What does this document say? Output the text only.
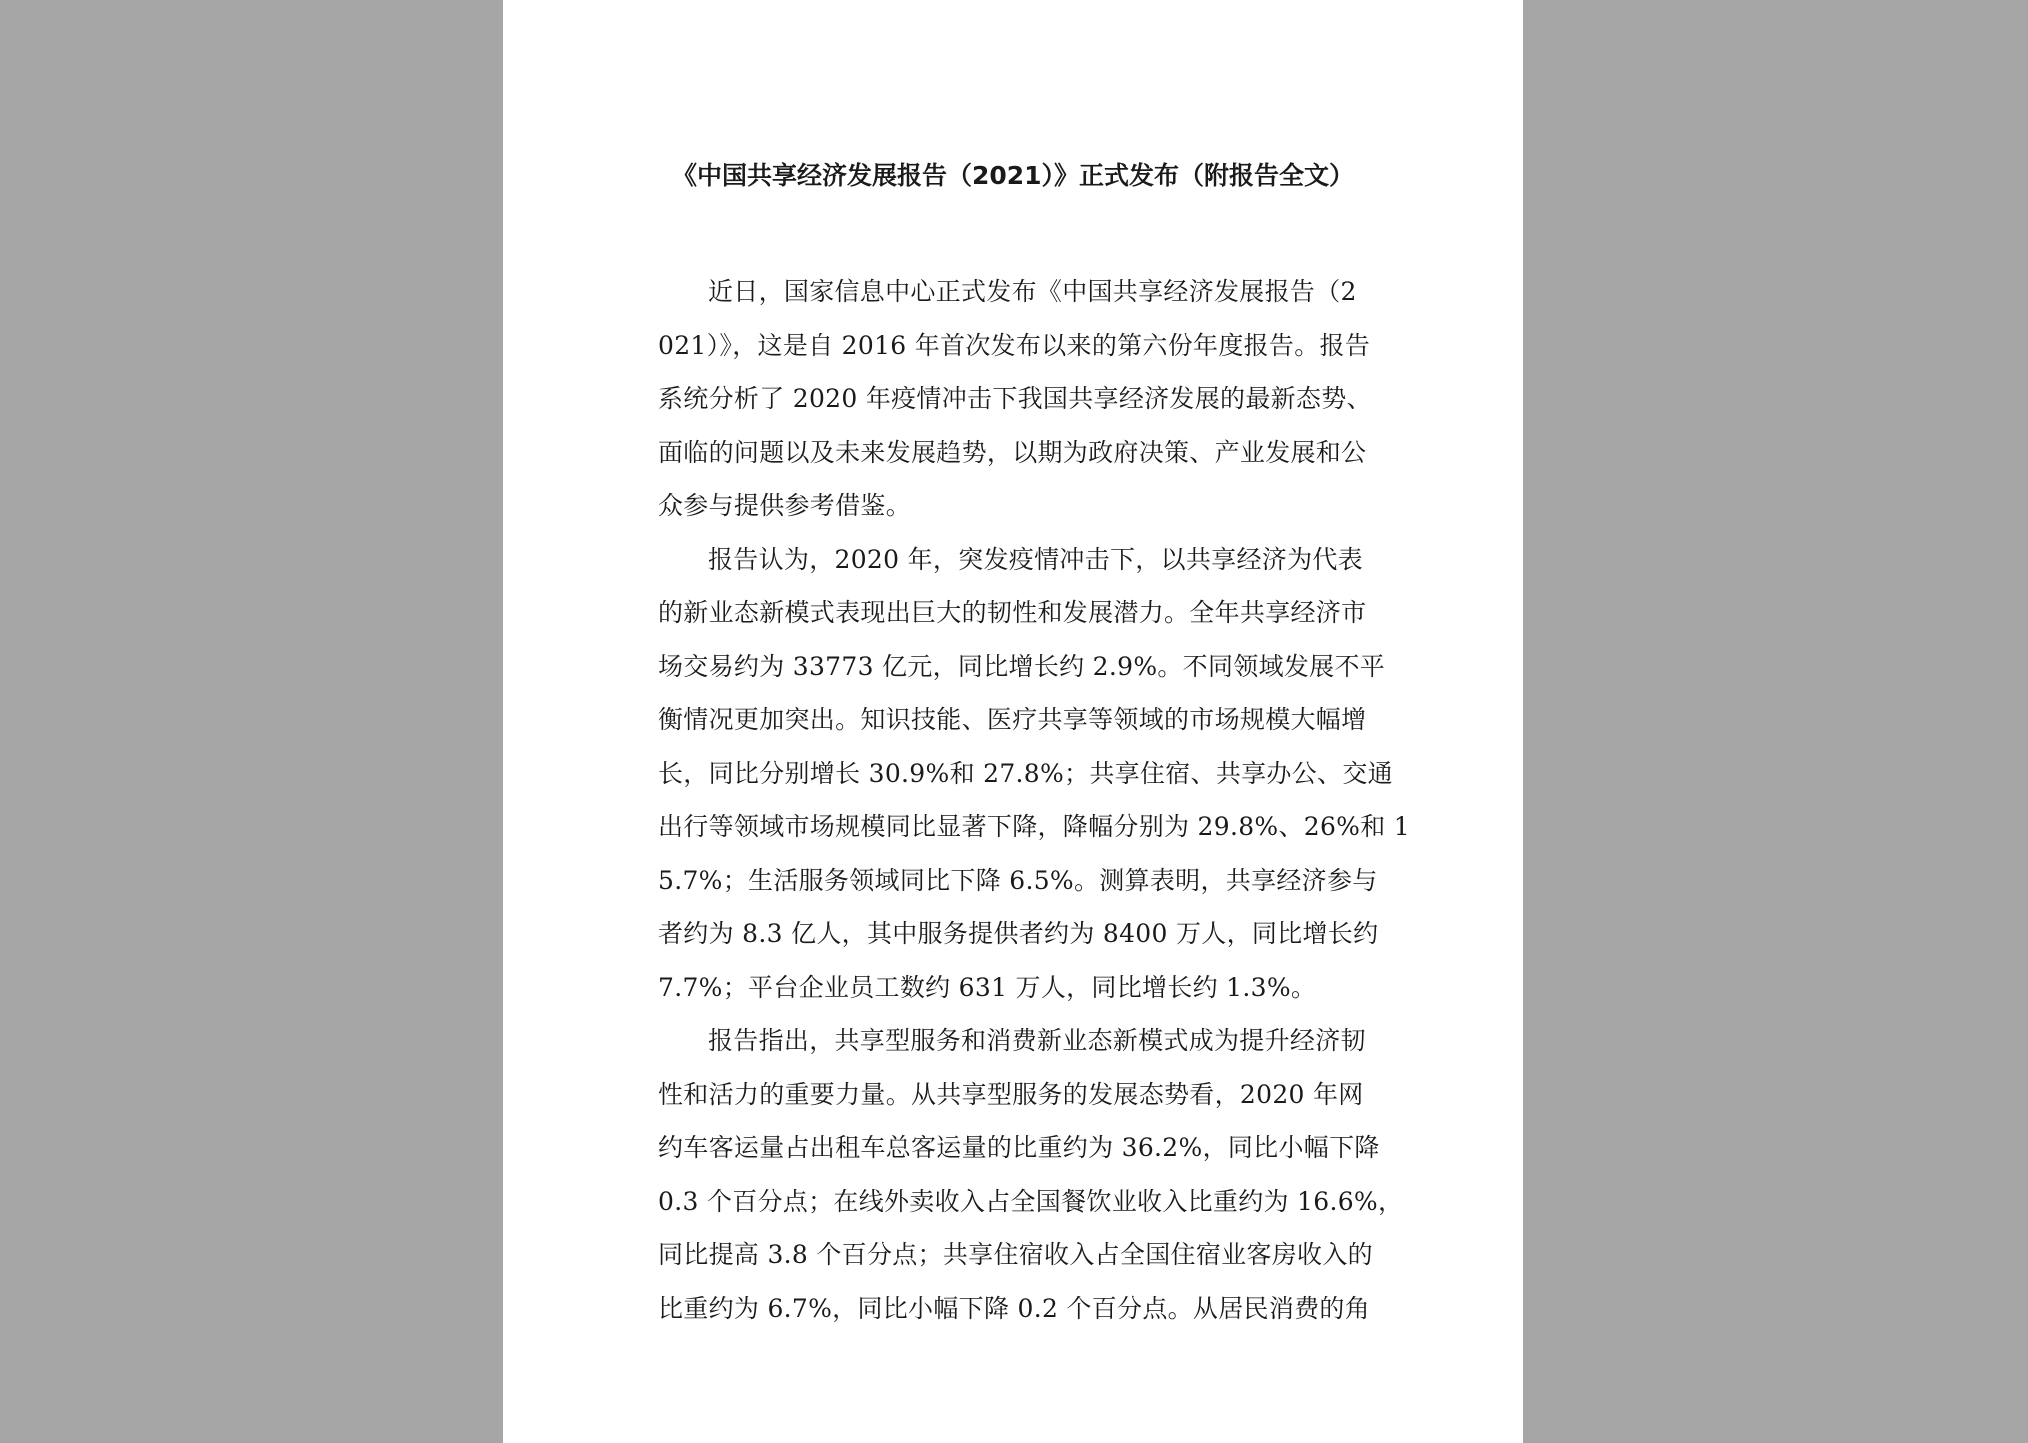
《中国共享经济发展报告（2021）》正式发布（附报告全文）

近日，国家信息中心正式发布《中国共享经济发展报告（2
021）》，这是自 2016 年首次发布以来的第六份年度报告。报告
系统分析了 2020 年疫情冲击下我国共享经济发展的最新态势、
面临的问题以及未来发展趋势，以期为政府决策、产业发展和公
众参与提供参考借鉴。

报告认为，2020 年，突发疫情冲击下，以共享经济为代表
的新业态新模式表现出巨大的韧性和发展潜力。全年共享经济市
场交易约为 33773 亿元，同比增长约 2.9%。不同领域发展不平
衡情况更加突出。知识技能、医疗共享等领域的市场规模大幅增
长，同比分别增长 30.9%和 27.8%；共享住宿、共享办公、交通
出行等领域市场规模同比显著下降，降幅分别为 29.8%、26%和 1
5.7%；生活服务领域同比下降 6.5%。测算表明，共享经济参与
者约为 8.3 亿人，其中服务提供者约为 8400 万人，同比增长约
7.7%；平台企业员工数约 631 万人，同比增长约 1.3%。

报告指出，共享型服务和消费新业态新模式成为提升经济韧
性和活力的重要力量。从共享型服务的发展态势看，2020 年网
约车客运量占出租车总客运量的比重约为 36.2%，同比小幅下降
0.3 个百分点；在线外卖收入占全国餐饮业收入比重约为 16.6%，
同比提高 3.8 个百分点；共享住宿收入占全国住宿业客房收入的
比重约为 6.7%，同比小幅下降 0.2 个百分点。从居民消费的角
